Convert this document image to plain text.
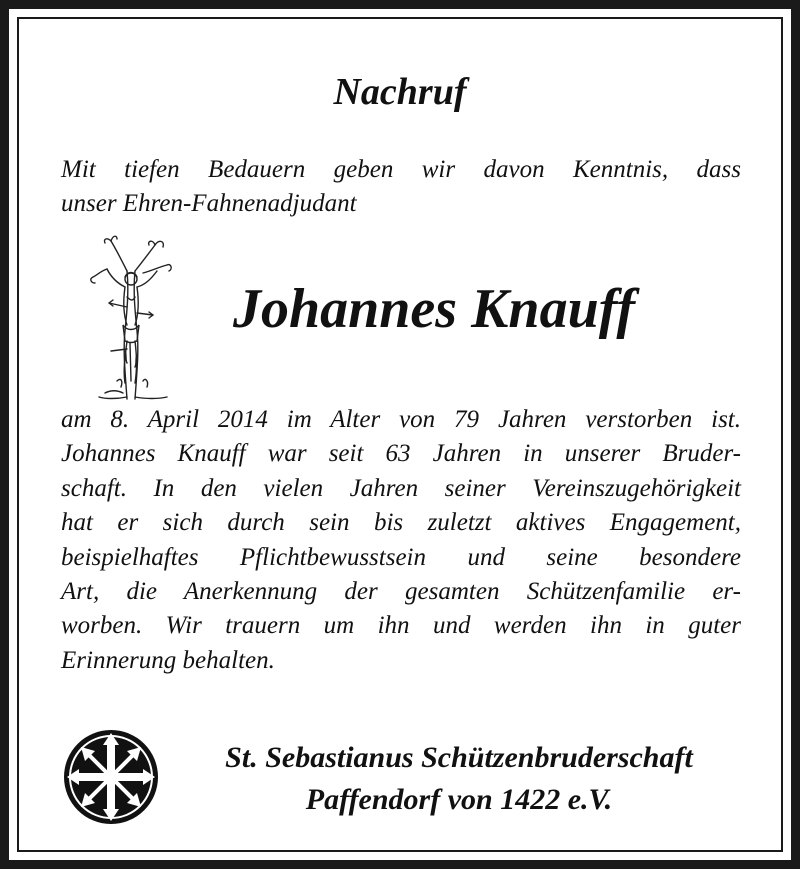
Nachruf
Mit tiefen Bedauern geben wir davon Kenntnis, dass
unser Ehren-Fahnenadjudant
Johannes Knauff
am 8. April 2014 im Alter von 79 Jahren verstorben ist.
Johannes Knauff war seit 63 Jahren in unserer Bruder-
schaft. In den vielen Jahren seiner Vereinszugehörigkeit
hat er sich durch sein bis zuletzt aktives Engagement,
beispielhaftes Pflichtbewusstsein und seine besondere
Art, die Anerkennung der gesamten Schützenfamilie er-
worben. Wir trauern um ihn und werden ihn in guter
Erinnerung behalten.
St. Sebastianus Schützenbruderschaft
Paffendorf von 1422 e.V.
